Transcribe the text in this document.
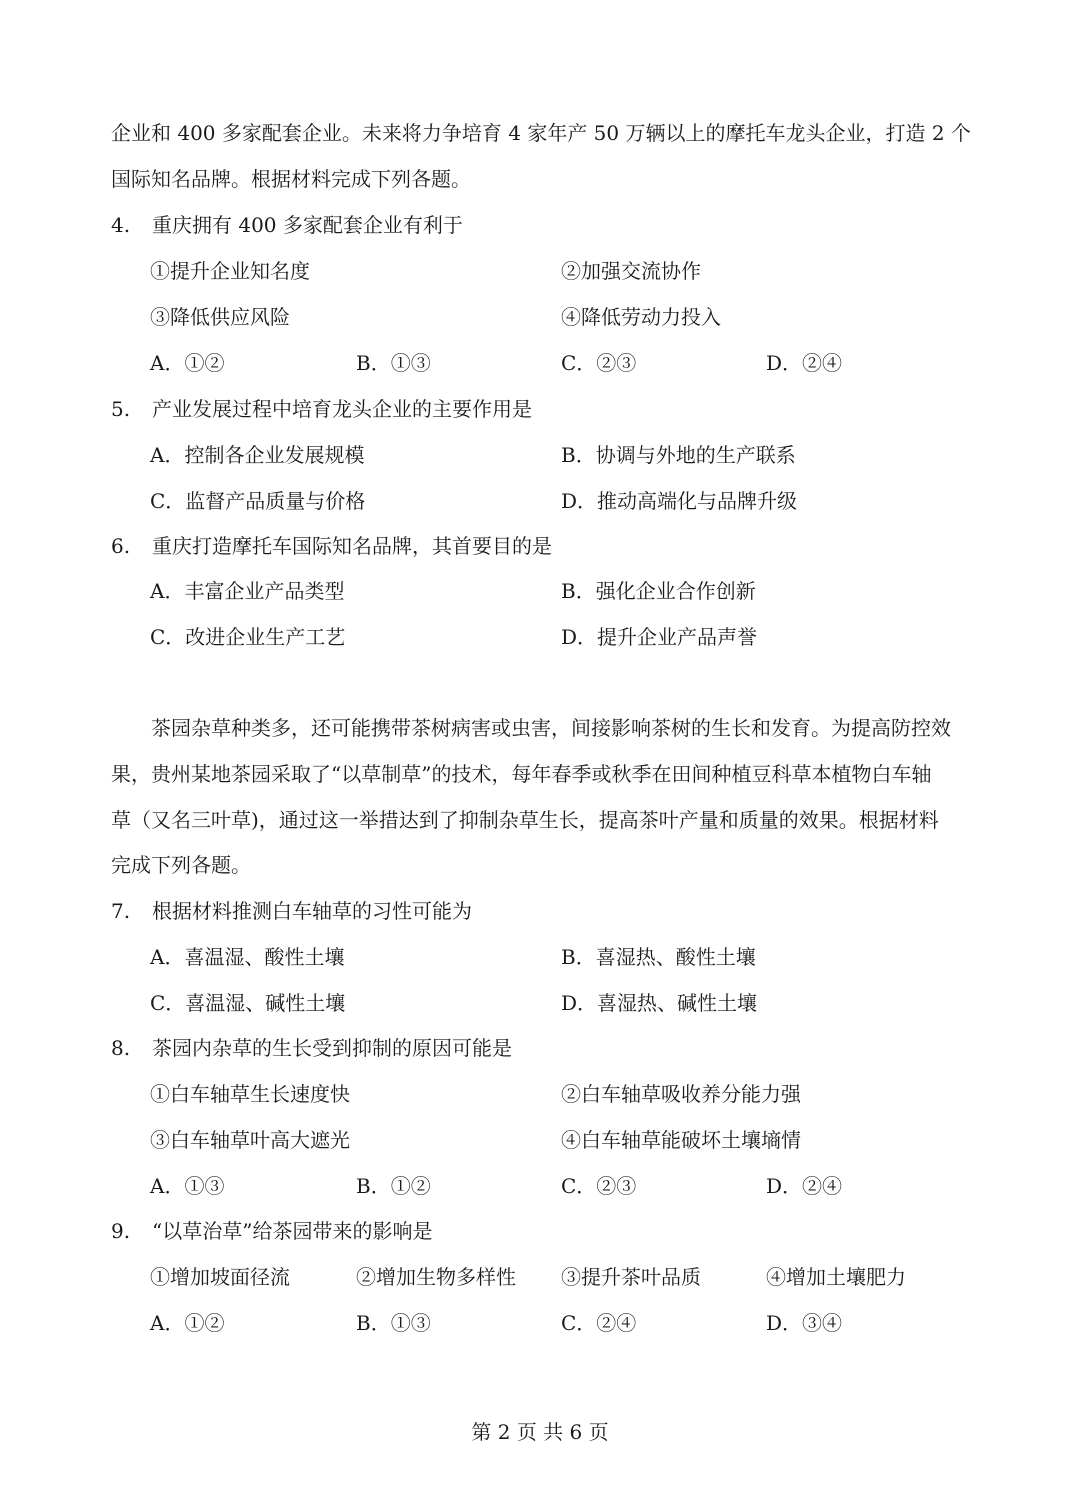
企业和 400 多家配套企业。未来将力争培育 4 家年产 50 万辆以上的摩托车龙头企业，打造 2 个
国际知名品牌。根据材料完成下列各题。
4. 重庆拥有 400 多家配套企业有利于
①提升企业知名度	②加强交流协作
③降低供应风险	④降低劳动力投入
A．①②	B．①③	C．②③	D．②④
5. 产业发展过程中培育龙头企业的主要作用是
A．控制各企业发展规模	B．协调与外地的生产联系
C．监督产品质量与价格	D．推动高端化与品牌升级
6. 重庆打造摩托车国际知名品牌，其首要目的是
A．丰富企业产品类型	B．强化企业合作创新
C．改进企业生产工艺	D．提升企业产品声誉
茶园杂草种类多，还可能携带茶树病害或虫害，间接影响茶树的生长和发育。为提高防控效
果，贵州某地茶园采取了“以草制草”的技术，每年春季或秋季在田间种植豆科草本植物白车轴
草（又名三叶草)，通过这一举措达到了抑制杂草生长，提高茶叶产量和质量的效果。根据材料
完成下列各题。
7. 根据材料推测白车轴草的习性可能为
A．喜温湿、酸性土壤	B．喜湿热、酸性土壤
C．喜温湿、碱性土壤	D．喜湿热、碱性土壤
8. 茶园内杂草的生长受到抑制的原因可能是
①白车轴草生长速度快	②白车轴草吸收养分能力强
③白车轴草叶高大遮光	④白车轴草能破坏土壤墒情
A．①③	B．①②	C．②③	D．②④
9. “以草治草”给茶园带来的影响是
①增加坡面径流	②增加生物多样性 ③提升茶叶品质	④增加土壤肥力
A．①②	B．①③	C．②④	D．③④
第 2 页 共 6 页
